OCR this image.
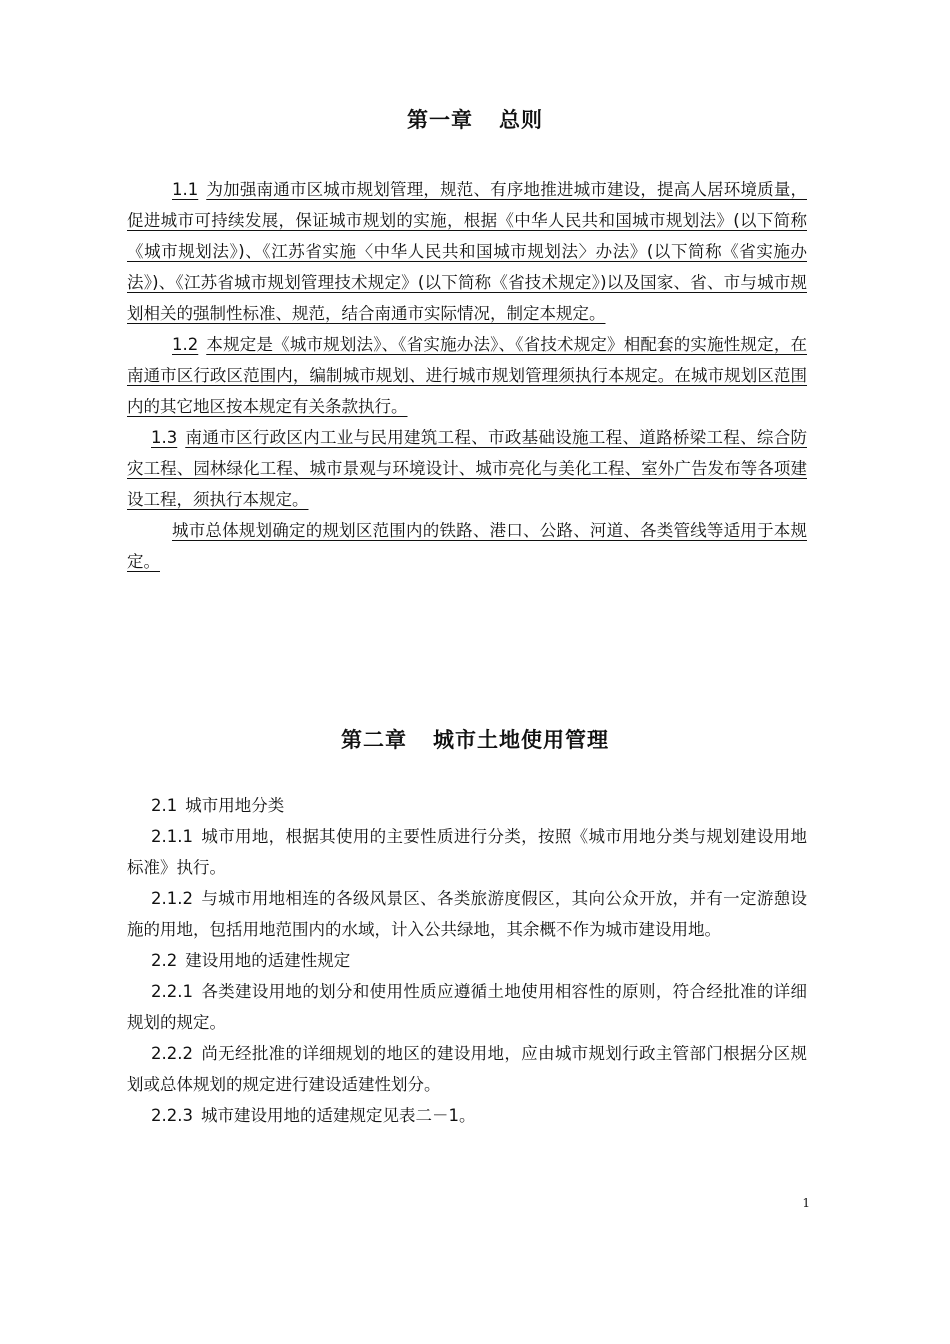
第一章 总则

1.1 为加强南通市区城市规划管理，规范、有序地推进城市建设，提高人居环境质量，促进城市可持续发展，保证城市规划的实施，根据《中华人民共和国城市规划法》(以下简称《城市规划法》)、《江苏省实施〈中华人民共和国城市规划法〉办法》(以下简称《省实施办法》)、《江苏省城市规划管理技术规定》(以下简称《省技术规定》)以及国家、省、市与城市规划相关的强制性标准、规范，结合南通市实际情况，制定本规定。

1.2 本规定是《城市规划法》、《省实施办法》、《省技术规定》相配套的实施性规定，在南通市区行政区范围内，编制城市规划、进行城市规划管理须执行本规定。在城市规划区范围内的其它地区按本规定有关条款执行。

1.3 南通市区行政区内工业与民用建筑工程、市政基础设施工程、道路桥梁工程、综合防灾工程、园林绿化工程、城市景观与环境设计、城市亮化与美化工程、室外广告发布等各项建设工程，须执行本规定。

城市总体规划确定的规划区范围内的铁路、港口、公路、河道、各类管线等适用于本规定。

第二章 城市土地使用管理

2.1 城市用地分类

2.1.1 城市用地，根据其使用的主要性质进行分类，按照《城市用地分类与规划建设用地标准》执行。

2.1.2 与城市用地相连的各级风景区、各类旅游度假区，其向公众开放，并有一定游憩设施的用地，包括用地范围内的水域，计入公共绿地，其余概不作为城市建设用地。

2.2 建设用地的适建性规定

2.2.1 各类建设用地的划分和使用性质应遵循土地使用相容性的原则，符合经批准的详细规划的规定。

2.2.2 尚无经批准的详细规划的地区的建设用地，应由城市规划行政主管部门根据分区规划或总体规划的规定进行建设适建性划分。

2.2.3 城市建设用地的适建规定见表二－1。

1
